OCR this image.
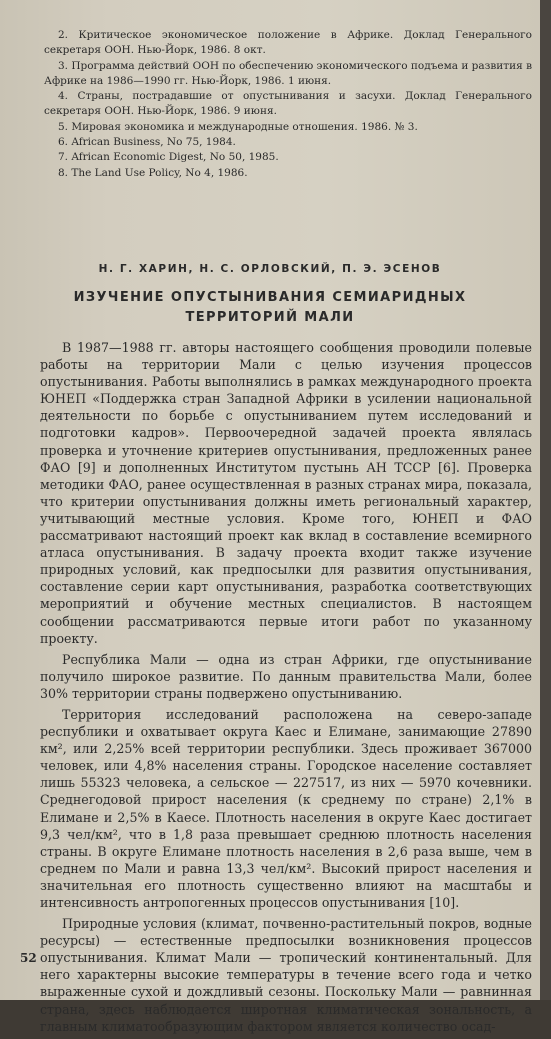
2. Критическое экономическое положение в Африке. Доклад Генерального секретаря ООН. Нью-Йорк, 1986. 8 окт.
3. Программа действий ООН по обеспечению экономического подъема и развития в Африке на 1986—1990 гг. Нью-Йорк, 1986. 1 июня.
4. Страны, пострадавшие от опустынивания и засухи. Доклад Генерального секретаря ООН. Нью-Йорк, 1986. 9 июня.
5. Мировая экономика и международные отношения. 1986. № 3.
6. African Business, No 75, 1984.
7. African Economic Digest, No 50, 1985.
8. The Land Use Policy, No 4, 1986.
Н. Г. ХАРИН, Н. С. ОРЛОВСКИЙ, П. Э. ЭСЕНОВ
ИЗУЧЕНИЕ ОПУСТЫНИВАНИЯ СЕМИАРИДНЫХ
ТЕРРИТОРИЙ МАЛИ

В 1987—1988 гг. авторы настоящего сообщения проводили полевые работы на территории Мали с целью изучения процессов опустынивания. Работы выполнялись в рамках международного проекта ЮНЕП «Поддержка стран Западной Африки в усилении национальной деятельности по борьбе с опустыниванием путем исследований и подготовки кадров». Первоочередной задачей проекта являлась проверка и уточнение критериев опустынивания, предложенных ранее ФАО [9] и дополненных Институтом пустынь АН ТССР [6]. Проверка методики ФАО, ранее осуществленная в разных странах мира, показала, что критерии опустынивания должны иметь региональный характер, учитывающий местные условия. Кроме того, ЮНЕП и ФАО рассматривают настоящий проект как вклад в составление всемирного атласа опустынивания. В задачу проекта входит также изучение природных условий, как предпосылки для развития опустынивания, составление серии карт опустынивания, разработка соответствующих мероприятий и обучение местных специалистов. В настоящем сообщении рассматриваются первые итоги работ по указанному проекту.

Республика Мали — одна из стран Африки, где опустынивание получило широкое развитие. По данным правительства Мали, более 30% территории страны подвержено опустыниванию.

Территория исследований расположена на северо-западе республики и охватывает округа Каес и Елимане, занимающие 27890 км², или 2,25% всей территории республики. Здесь проживает 367000 человек, или 4,8% населения страны. Городское население составляет лишь 55323 человека, а сельское — 227517, из них — 5970 кочевники. Среднегодовой прирост населения (к среднему по стране) 2,1% в Елимане и 2,5% в Каесе. Плотность населения в округе Каес достигает 9,3 чел/км², что в 1,8 раза превышает среднюю плотность населения страны. В округе Елимане плотность населения в 2,6 раза выше, чем в среднем по Мали и равна 13,3 чел/км². Высокий прирост населения и значительная его плотность существенно влияют на масштабы и интенсивность антропогенных процессов опустынивания [10].

Природные условия (климат, почвенно-растительный покров, водные ресурсы) — естественные предпосылки возникновения процессов опустынивания. Климат Мали — тропический континентальный. Для него характерны высокие температуры в течение всего года и четко выраженные сухой и дождливый сезоны. Поскольку Мали — равнинная страна, здесь наблюдается широтная климатическая зональность, а главным климатообразующим фактором является количество осад-

52
